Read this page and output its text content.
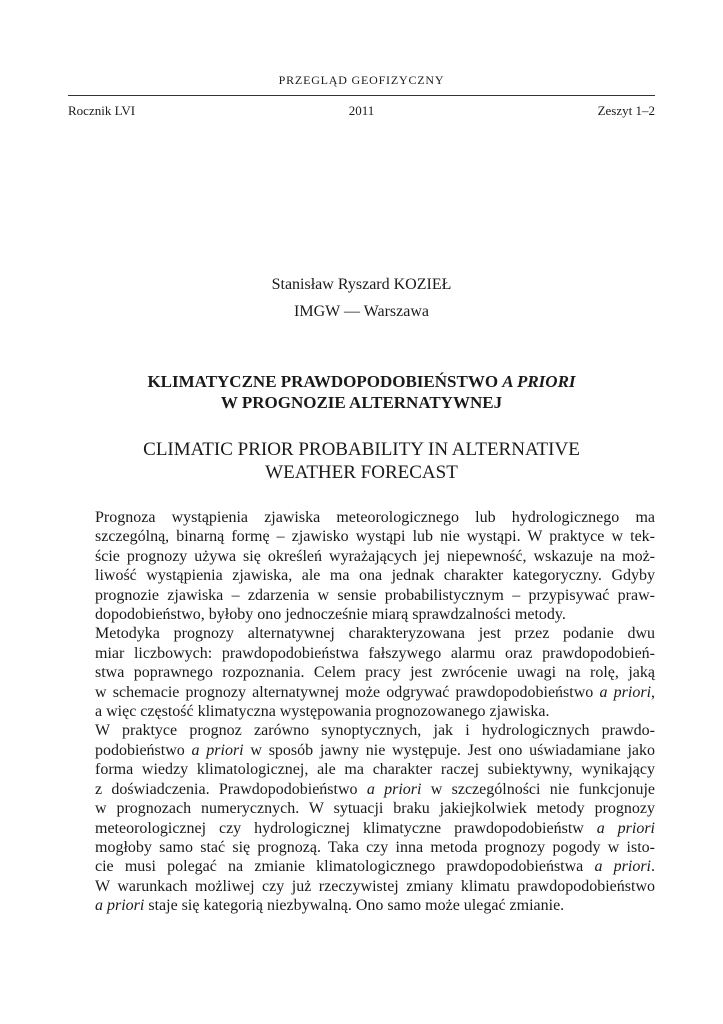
PRZEGLĄD GEOFIZYCZNY
Rocznik LVI	2011	Zeszyt 1–2
Stanisław Ryszard KOZIEŁ
IMGW — Warszawa
KLIMATYCZNE PRAWDOPODOBIEŃSTWO A PRIORI
W PROGNOZIE ALTERNATYWNEJ
CLIMATIC PRIOR PROBABILITY IN ALTERNATIVE
WEATHER FORECAST

Prognoza wystąpienia zjawiska meteorologicznego lub hydrologicznego ma
szczególną, binarną formę – zjawisko wystąpi lub nie wystąpi. W praktyce w tek-
ście prognozy używa się określeń wyrażających jej niepewność, wskazuje na moż-
liwość wystąpienia zjawiska, ale ma ona jednak charakter kategoryczny. Gdyby
prognozie zjawiska – zdarzenia w sensie probabilistycznym – przypisywać praw-
dopodobieństwo, byłoby ono jednocześnie miarą sprawdzalności metody.

Metodyka prognozy alternatywnej charakteryzowana jest przez podanie dwu
miar liczbowych: prawdopodobieństwa fałszywego alarmu oraz prawdopodobień-
stwa poprawnego rozpoznania. Celem pracy jest zwrócenie uwagi na rolę, jaką
w schemacie prognozy alternatywnej może odgrywać prawdopodobieństwo a priori,
a więc częstość klimatyczna występowania prognozowanego zjawiska.

W praktyce prognoz zarówno synoptycznych, jak i hydrologicznych prawdo-
podobieństwo a priori w sposób jawny nie występuje. Jest ono uświadamiane jako
forma wiedzy klimatologicznej, ale ma charakter raczej subiektywny, wynikający
z doświadczenia. Prawdopodobieństwo a priori w szczególności nie funkcjonuje
w prognozach numerycznych. W sytuacji braku jakiejkolwiek metody prognozy
meteorologicznej czy hydrologicznej klimatyczne prawdopodobieństw a priori
mogłoby samo stać się prognozą. Taka czy inna metoda prognozy pogody w isto-
cie musi polegać na zmianie klimatologicznego prawdopodobieństwa a priori.
W warunkach możliwej czy już rzeczywistej zmiany klimatu prawdopodobieństwo
a priori staje się kategorią niezbywalną. Ono samo może ulegać zmianie.
